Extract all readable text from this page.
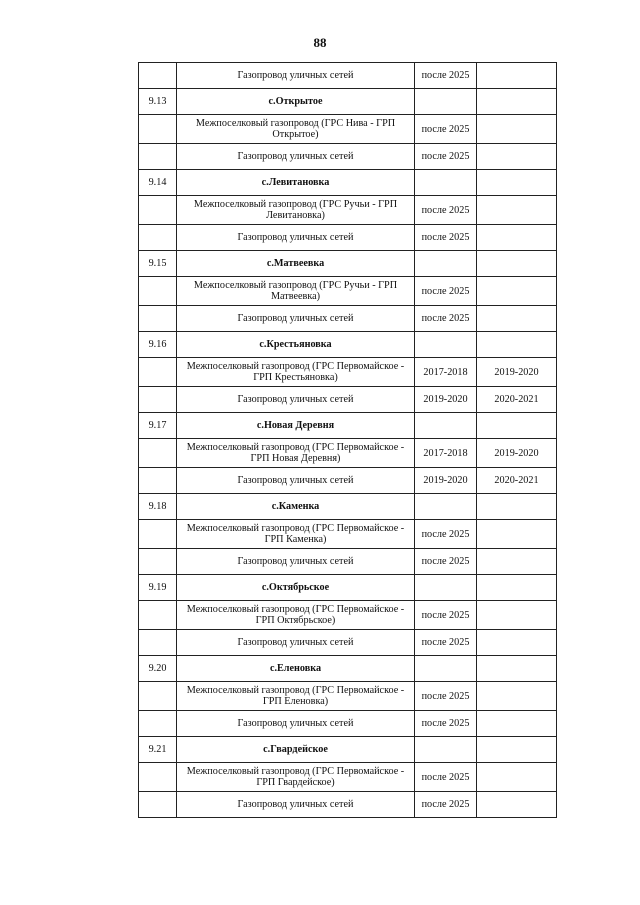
88
	Газопровод уличных сетей	после 2025	
9.13	с.Открытое		
	Межпоселковый газопровод (ГРС Нива - ГРП Открытое)	после 2025	
	Газопровод уличных сетей	после 2025	
9.14	с.Левитановка		
	Межпоселковый газопровод (ГРС Ручьи - ГРП Левитановка)	после 2025	
	Газопровод уличных сетей	после 2025	
9.15	с.Матвеевка		
	Межпоселковый газопровод (ГРС Ручьи - ГРП Матвеевка)	после 2025	
	Газопровод уличных сетей	после 2025	
9.16	с.Крестьяновка		
	Межпоселковый газопровод (ГРС Первомайское - ГРП Крестьяновка)	2017-2018	2019-2020
	Газопровод уличных сетей	2019-2020	2020-2021
9.17	с.Новая Деревня		
	Межпоселковый газопровод (ГРС Первомайское - ГРП Новая Деревня)	2017-2018	2019-2020
	Газопровод уличных сетей	2019-2020	2020-2021
9.18	с.Каменка		
	Межпоселковый газопровод (ГРС Первомайское - ГРП Каменка)	после 2025	
	Газопровод уличных сетей	после 2025	
9.19	с.Октябрьское		
	Межпоселковый газопровод (ГРС Первомайское - ГРП Октябрьское)	после 2025	
	Газопровод уличных сетей	после 2025	
9.20	с.Еленовка		
	Межпоселковый газопровод (ГРС Первомайское - ГРП Еленовка)	после 2025	
	Газопровод уличных сетей	после 2025	
9.21	с.Гвардейское		
	Межпоселковый газопровод (ГРС Первомайское - ГРП Гвардейское)	после 2025	
	Газопровод уличных сетей	после 2025	
